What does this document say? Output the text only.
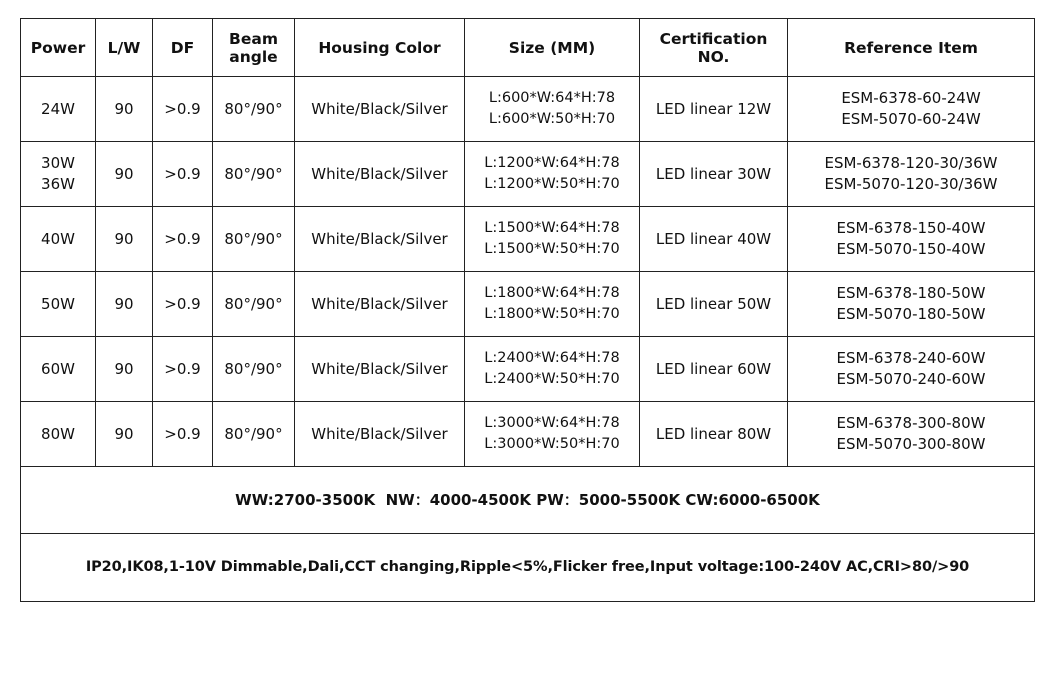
Power	L/W	DF	Beam
angle	Housing Color	Size (MM)	Certification NO.	Reference Item

24W	90	>0.9	80°/90°	White/Black/Silver	L:600*W:64*H:78
L:600*W:50*H:70	LED linear 12W	ESM-6378-60-24W
ESM-5070-60-24W

30W
36W	90	>0.9	80°/90°	White/Black/Silver	L:1200*W:64*H:78
L:1200*W:50*H:70	LED linear 30W	ESM-6378-120-30/36W
ESM-5070-120-30/36W

40W	90	>0.9	80°/90°	White/Black/Silver	L:1500*W:64*H:78
L:1500*W:50*H:70	LED linear 40W	ESM-6378-150-40W
ESM-5070-150-40W

50W	90	>0.9	80°/90°	White/Black/Silver	L:1800*W:64*H:78
L:1800*W:50*H:70	LED linear 50W	ESM-6378-180-50W
ESM-5070-180-50W

60W	90	>0.9	80°/90°	White/Black/Silver	L:2400*W:64*H:78
L:2400*W:50*H:70	LED linear 60W	ESM-6378-240-60W
ESM-5070-240-60W

80W	90	>0.9	80°/90°	White/Black/Silver	L:3000*W:64*H:78
L:3000*W:50*H:70	LED linear 80W	ESM-6378-300-80W
ESM-5070-300-80W

WW:2700-3500K  NW：4000-4500K PW：5000-5500K CW:6000-6500K							
IP20,IK08,1-10V Dimmable,Dali,CCT changing,Ripple<5%,Flicker free,Input voltage:100-240V AC,CRI>80/>90							
